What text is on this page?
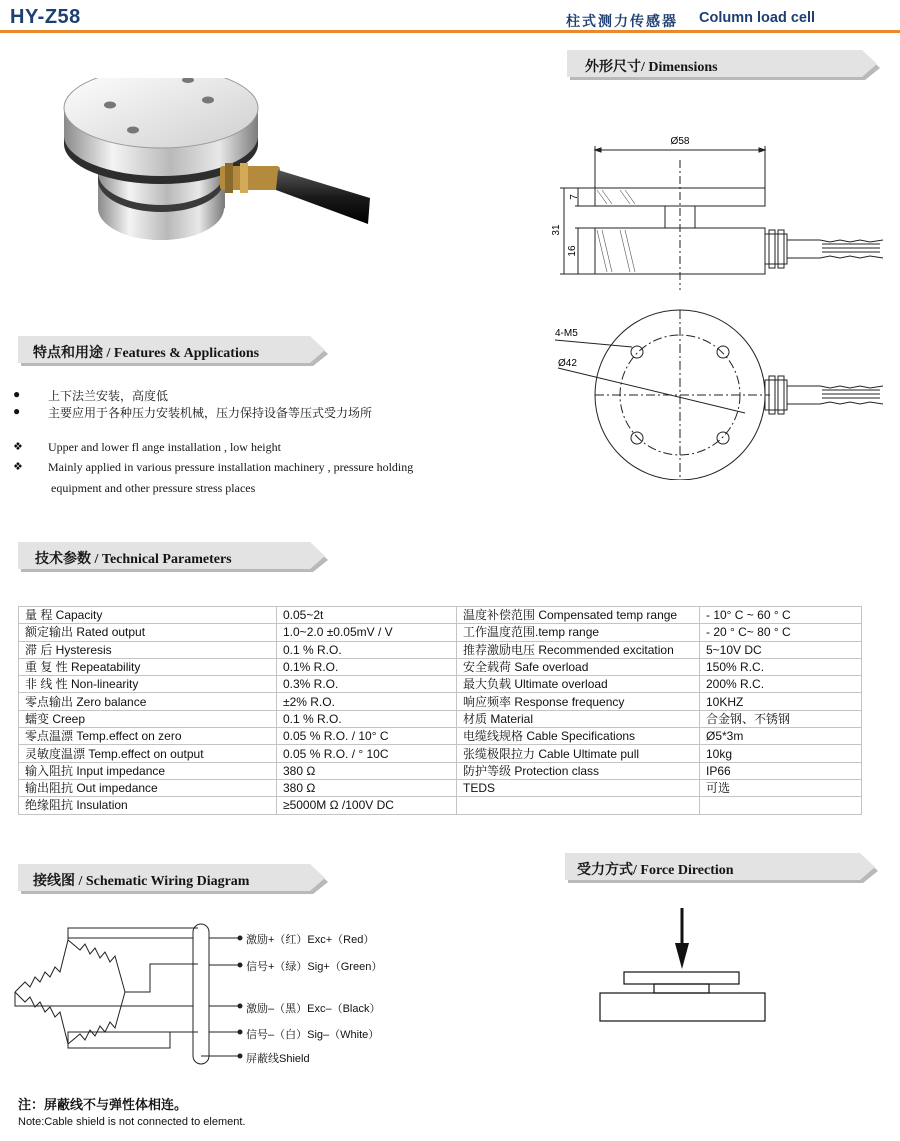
HY-Z58	柱式测力传感器 Column load cell
外形尺寸/ Dimensions
Ø58
7
31
16
4-M5
Ø42
特点和用途 / Features & Applications
● 上下法兰安装，高度低
● 主要应用于各种压力安装机械，压力保持设备等压式受力场所
❖ Upper and lower fl ange installation , low height
❖ Mainly applied in various pressure installation machinery , pressure holding
equipment and other pressure stress places
技术参数 / Technical Parameters
量 程 Capacity	0.05~2t	温度补偿范围 Compensated temp range	- 10° C ~ 60 ° C
额定输出 Rated output	1.0~2.0 ±0.05mV / V	工作温度范围.temp range	- 20 ° C~ 80 ° C
滞 后 Hysteresis	0.1 % R.O.	推荐激励电压 Recommended excitation	5~10V DC
重 复 性 Repeatability	0.1% R.O.	安全载荷 Safe overload	150% R.C.
非 线 性 Non-linearity	0.3% R.O.	最大负载 Ultimate overload	200% R.C.
零点输出 Zero balance	±2% R.O.	响应频率 Response frequency	10KHZ
蠕变 Creep	0.1 % R.O.	材质 Material	合金钢、不锈钢
零点温漂 Temp.effect on zero	0.05 % R.O. / 10° C	电缆线规格 Cable Specifications	Ø5*3m
灵敏度温漂 Temp.effect on output	0.05 % R.O. / ° 10C	张缆极限拉力 Cable Ultimate pull	10kg
输入阻抗 Input impedance	380 Ω	防护等级 Protection class	IP66
输出阻抗 Out impedance	380 Ω	TEDS	可选
绝缘阻抗 Insulation	≥5000M Ω /100V DC		
接线图 / Schematic Wiring Diagram
激励+（红）Exc+（Red）
信号+（绿）Sig+（Green）
激励–（黑）Exc–（Black）
信号–（白）Sig–（White）
屏蔽线Shield
受力方式/ Force Direction
注：屏蔽线不与弹性体相连。
Note:Cable shield is not connected to element.
